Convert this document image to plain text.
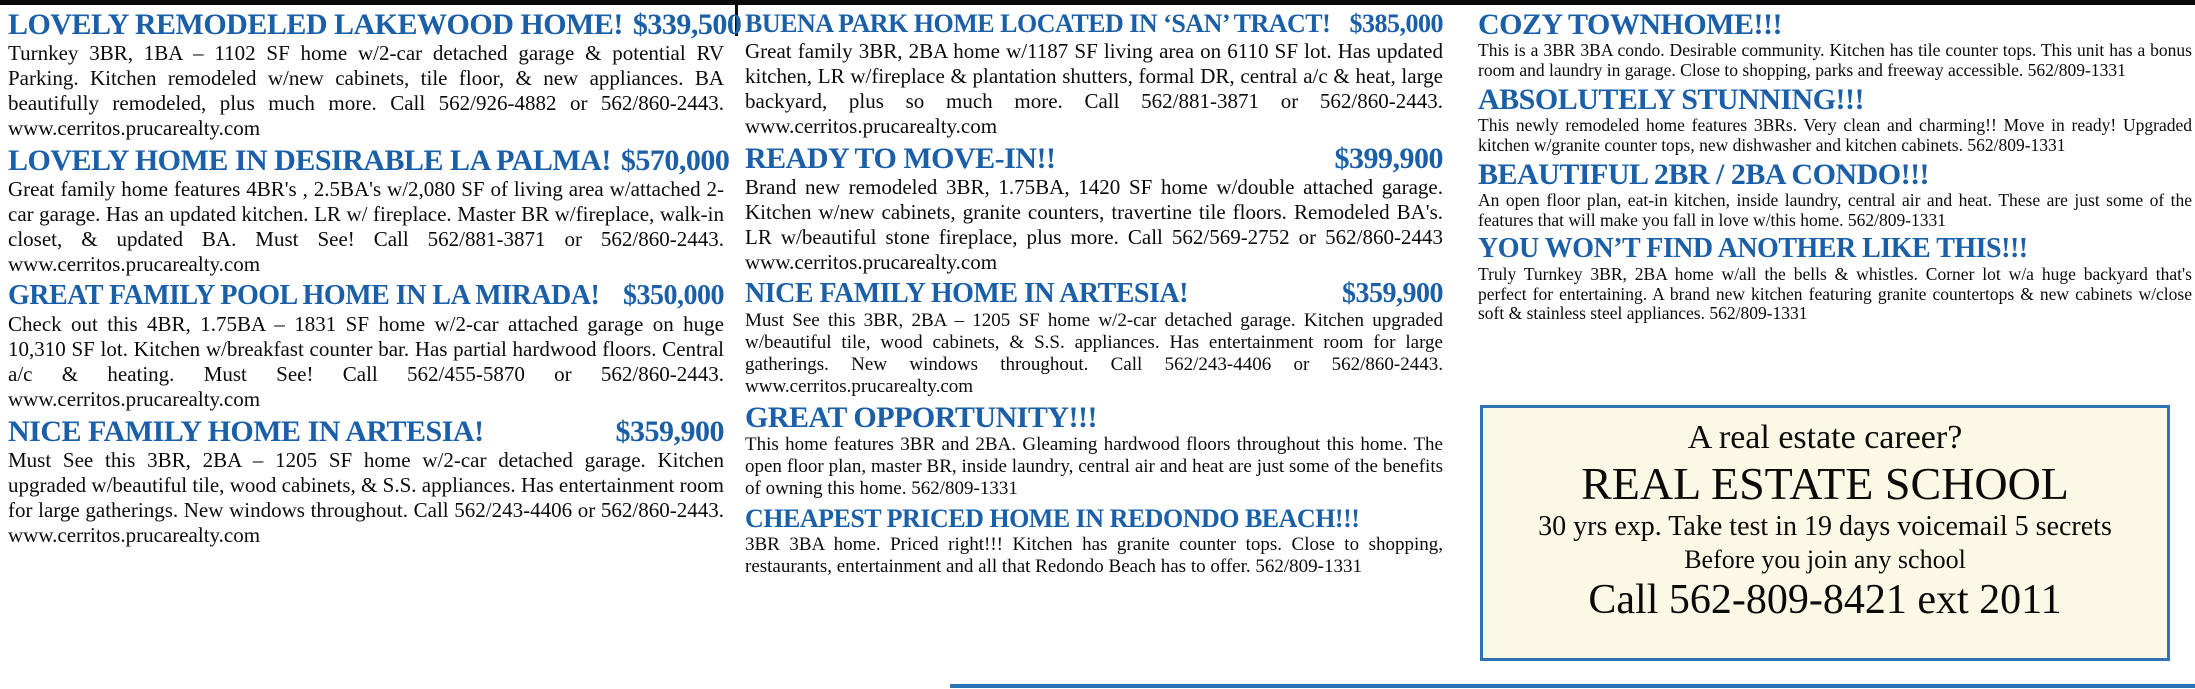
LOVELY REMODELED LAKEWOOD HOME! $339,500

Turnkey 3BR, 1BA – 1102 SF home w/2-car detached garage & potential RV Parking. Kitchen remodeled w/new cabinets, tile floor, & new appliances. BA beautifully remodeled, plus much more. Call 562/926-4882 or 562/860-2443. www.cerritos.prucarealty.com

LOVELY HOME IN DESIRABLE LA PALMA! $570,000

Great family home features 4BR's , 2.5BA's w/2,080 SF of living area w/attached 2-car garage. Has an updated kitchen. LR w/ fireplace. Master BR w/fireplace, walk-in closet, & updated BA. Must See! Call 562/881-3871 or 562/860-2443. www.cerritos.prucarealty.com

GREAT FAMILY POOL HOME IN LA MIRADA! $350,000

Check out this 4BR, 1.75BA – 1831 SF home w/2-car attached garage on huge 10,310 SF lot. Kitchen w/breakfast counter bar. Has partial hardwood floors. Central a/c & heating. Must See! Call 562/455-5870 or 562/860-2443. www.cerritos.prucarealty.com

NICE FAMILY HOME IN ARTESIA!	$359,900

Must See this 3BR, 2BA – 1205 SF home w/2-car detached garage. Kitchen upgraded w/beautiful tile, wood cabinets, & S.S. appliances. Has entertainment room for large gatherings. New windows throughout. Call 562/243-4406 or 562/860-2443. www.cerritos.prucarealty.com

BUENA PARK HOME LOCATED IN ‘SAN’ TRACT! $385,000

Great family 3BR, 2BA home w/1187 SF living area on 6110 SF lot. Has updated kitchen, LR w/fireplace & plantation shutters, formal DR, central a/c & heat, large backyard, plus so much more. Call 562/881-3871 or 562/860-2443. www.cerritos.prucarealty.com

READY TO MOVE-IN!!	$399,900

Brand new remodeled 3BR, 1.75BA, 1420 SF home w/double attached garage. Kitchen w/new cabinets, granite counters, travertine tile floors. Remodeled BA's. LR w/beautiful stone fireplace, plus more. Call 562/569-2752 or 562/860-2443 www.cerritos.prucarealty.com

NICE FAMILY HOME IN ARTESIA!	$359,900

Must See this 3BR, 2BA – 1205 SF home w/2-car detached garage. Kitchen upgraded w/beautiful tile, wood cabinets, & S.S. appliances. Has entertainment room for large gatherings. New windows throughout. Call 562/243-4406 or 562/860-2443. www.cerritos.prucarealty.com

GREAT OPPORTUNITY!!!

This home features 3BR and 2BA. Gleaming hardwood floors throughout this home. The open floor plan, master BR, inside laundry, central air and heat are just some of the benefits of owning this home. 562/809-1331

CHEAPEST PRICED HOME IN REDONDO BEACH!!!

3BR 3BA home. Priced right!!! Kitchen has granite counter tops. Close to shopping, restaurants, entertainment and all that Redondo Beach has to offer. 562/809-1331

COZY TOWNHOME!!!

This is a 3BR 3BA condo. Desirable community. Kitchen has tile counter tops. This unit has a bonus room and laundry in garage. Close to shopping, parks and freeway accessible. 562/809-1331

ABSOLUTELY STUNNING!!!

This newly remodeled home features 3BRs. Very clean and charming!! Move in ready! Upgraded kitchen w/granite counter tops, new dishwasher and kitchen cabinets. 562/809-1331

BEAUTIFUL 2BR / 2BA CONDO!!!

An open floor plan, eat-in kitchen, inside laundry, central air and heat. These are just some of the features that will make you fall in love w/this home. 562/809-1331

YOU WON’T FIND ANOTHER LIKE THIS!!!

Truly Turnkey 3BR, 2BA home w/all the bells & whistles. Corner lot w/a huge backyard that's perfect for entertaining. A brand new kitchen featuring granite countertops & new cabinets w/close soft & stainless steel appliances. 562/809-1331

A real estate career?
REAL ESTATE SCHOOL
30 yrs exp. Take test in 19 days voicemail 5 secrets
Before you join any school
Call 562-809-8421 ext 2011
